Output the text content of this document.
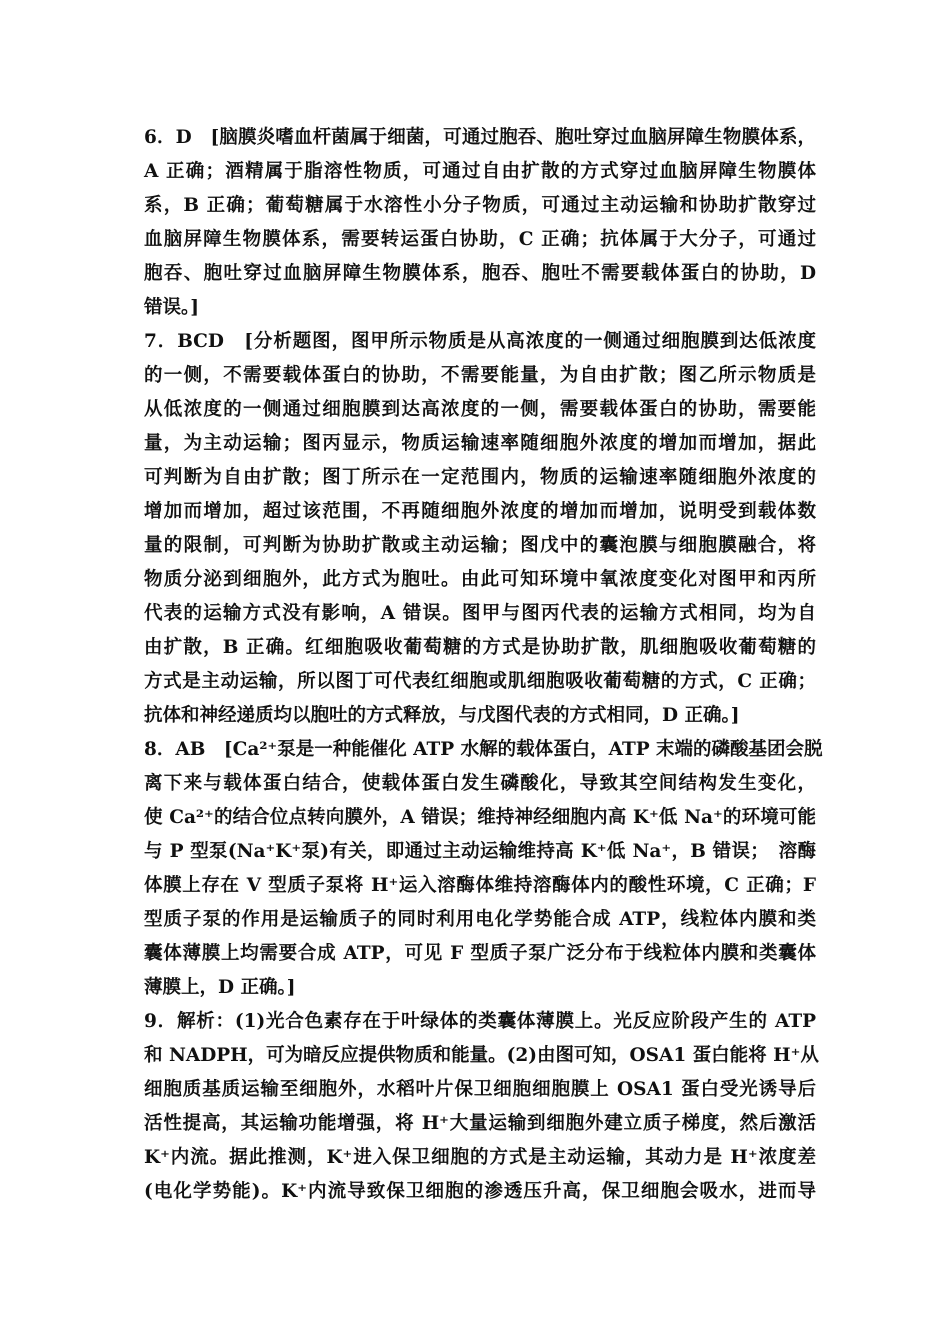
6．D　[脑膜炎嗜血杆菌属于细菌，可通过胞吞、胞吐穿过血脑屏障生物膜体系，
A 正确；酒精属于脂溶性物质，可通过自由扩散的方式穿过血脑屏障生物膜体
系，B 正确；葡萄糖属于水溶性小分子物质，可通过主动运输和协助扩散穿过
血脑屏障生物膜体系，需要转运蛋白协助，C 正确；抗体属于大分子，可通过
胞吞、胞吐穿过血脑屏障生物膜体系，胞吞、胞吐不需要载体蛋白的协助，D
错误。]
7．BCD　[分析题图，图甲所示物质是从高浓度的一侧通过细胞膜到达低浓度
的一侧，不需要载体蛋白的协助，不需要能量，为自由扩散；图乙所示物质是
从低浓度的一侧通过细胞膜到达高浓度的一侧，需要载体蛋白的协助，需要能
量，为主动运输；图丙显示，物质运输速率随细胞外浓度的增加而增加，据此
可判断为自由扩散；图丁所示在一定范围内，物质的运输速率随细胞外浓度的
增加而增加，超过该范围，不再随细胞外浓度的增加而增加，说明受到载体数
量的限制，可判断为协助扩散或主动运输；图戊中的囊泡膜与细胞膜融合，将
物质分泌到细胞外，此方式为胞吐。由此可知环境中氧浓度变化对图甲和丙所
代表的运输方式没有影响，A 错误。图甲与图丙代表的运输方式相同，均为自
由扩散，B 正确。红细胞吸收葡萄糖的方式是协助扩散，肌细胞吸收葡萄糖的
方式是主动运输，所以图丁可代表红细胞或肌细胞吸收葡萄糖的方式，C 正确；
抗体和神经递质均以胞吐的方式释放，与戊图代表的方式相同，D 正确。]
8．AB　[Ca²⁺泵是一种能催化 ATP 水解的载体蛋白，ATP 末端的磷酸基团会脱
离下来与载体蛋白结合，使载体蛋白发生磷酸化，导致其空间结构发生变化，
使 Ca²⁺的结合位点转向膜外，A 错误；维持神经细胞内高 K⁺低 Na⁺的环境可能
与 P 型泵(Na⁺K⁺泵)有关，即通过主动运输维持高 K⁺低 Na⁺，B 错误；　溶酶
体膜上存在 V 型质子泵将 H⁺运入溶酶体维持溶酶体内的酸性环境，C 正确；F
型质子泵的作用是运输质子的同时利用电化学势能合成 ATP，线粒体内膜和类
囊体薄膜上均需要合成 ATP，可见 F 型质子泵广泛分布于线粒体内膜和类囊体
薄膜上，D 正确。]
9．解析：(1)光合色素存在于叶绿体的类囊体薄膜上。光反应阶段产生的 ATP
和 NADPH，可为暗反应提供物质和能量。(2)由图可知，OSA1 蛋白能将 H⁺从
细胞质基质运输至细胞外，水稻叶片保卫细胞细胞膜上 OSA1 蛋白受光诱导后
活性提高，其运输功能增强，将 H⁺大量运输到细胞外建立质子梯度，然后激活
K⁺内流。据此推测，K⁺进入保卫细胞的方式是主动运输，其动力是 H⁺浓度差
(电化学势能)。K⁺内流导致保卫细胞的渗透压升高，保卫细胞会吸水，进而导
